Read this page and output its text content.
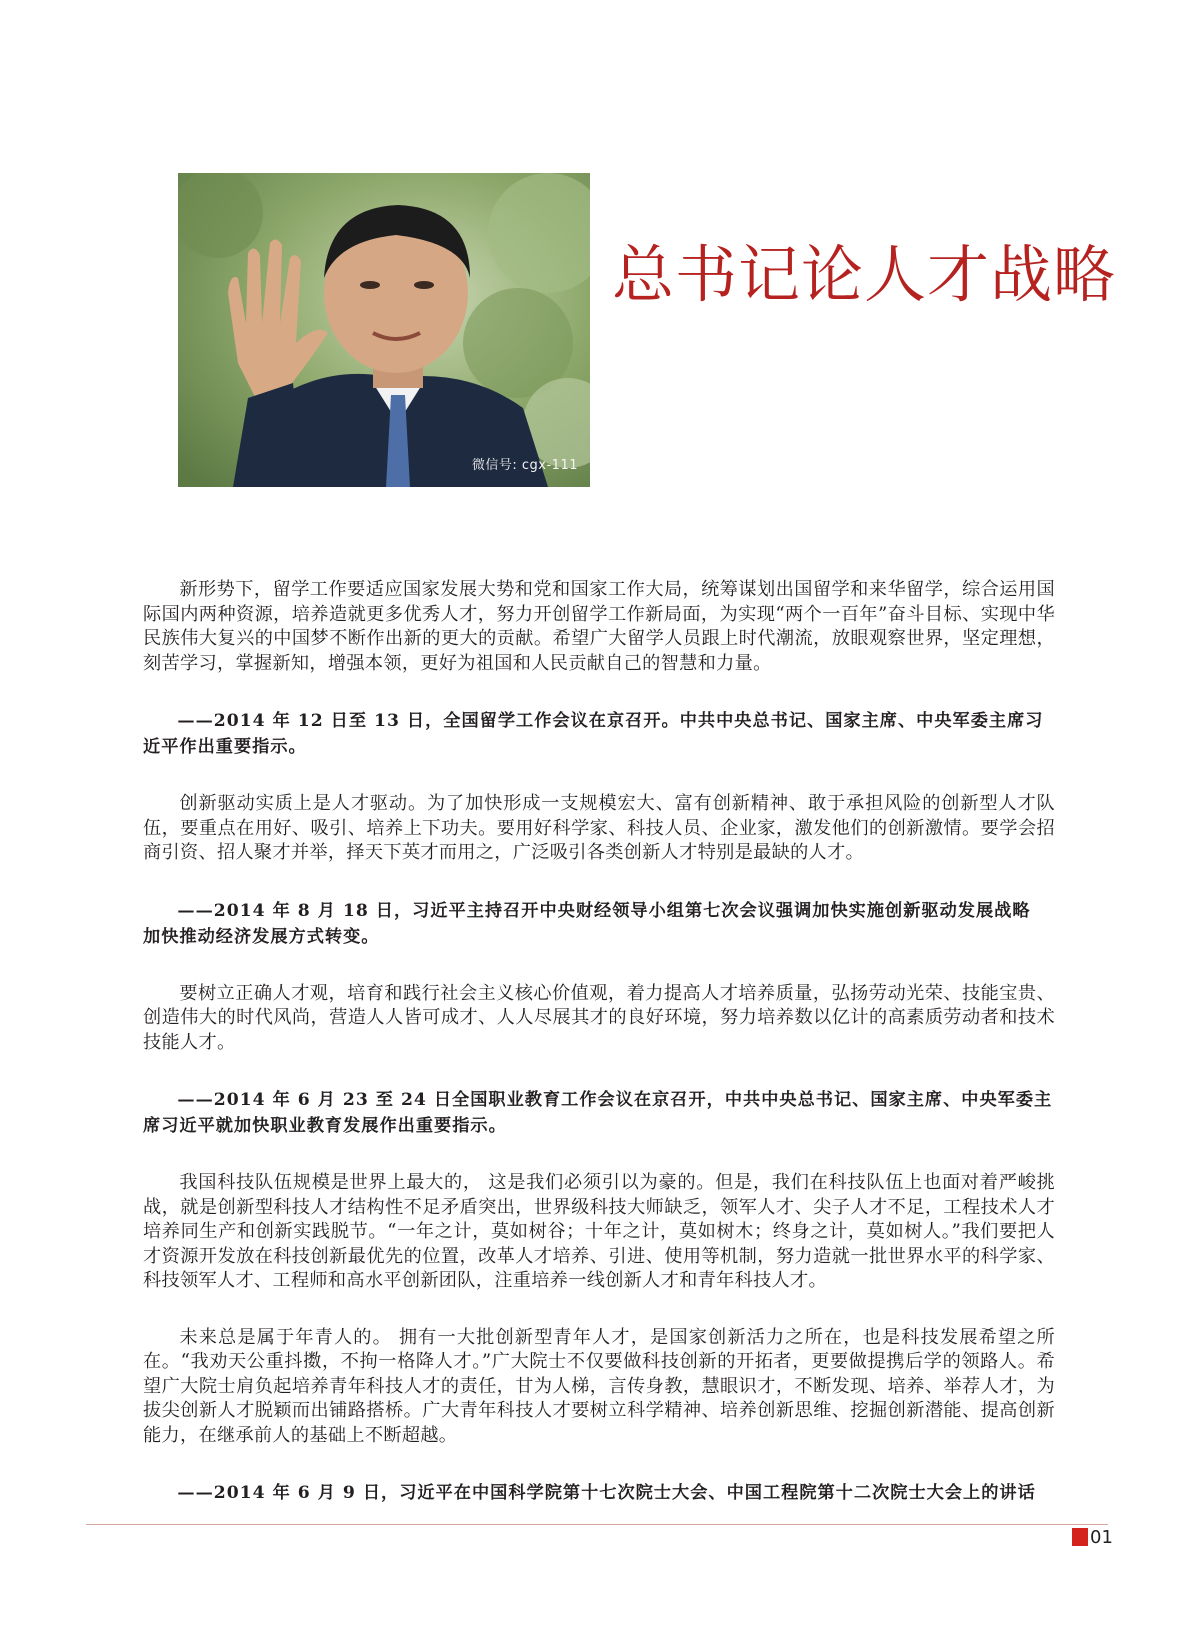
微信号: cgx-111
总书记论人才战略

新形势下，留学工作要适应国家发展大势和党和国家工作大局，统筹谋划出国留学和来华留学，综合运用国际国内两种资源，培养造就更多优秀人才，努力开创留学工作新局面，为实现“两个一百年”奋斗目标、实现中华民族伟大复兴的中国梦不断作出新的更大的贡献。希望广大留学人员跟上时代潮流，放眼观察世界，坚定理想，刻苦学习，掌握新知，增强本领，更好为祖国和人民贡献自己的智慧和力量。

——2014 年 12 日至 13 日，全国留学工作会议在京召开。中共中央总书记、国家主席、中央军委主席习近平作出重要指示。

创新驱动实质上是人才驱动。为了加快形成一支规模宏大、富有创新精神、敢于承担风险的创新型人才队伍，要重点在用好、吸引、培养上下功夫。要用好科学家、科技人员、企业家，激发他们的创新激情。要学会招商引资、招人聚才并举，择天下英才而用之，广泛吸引各类创新人才特别是最缺的人才。

——2014 年 8 月 18 日，习近平主持召开中央财经领导小组第七次会议强调加快实施创新驱动发展战略 加快推动经济发展方式转变。

要树立正确人才观，培育和践行社会主义核心价值观，着力提高人才培养质量，弘扬劳动光荣、技能宝贵、创造伟大的时代风尚，营造人人皆可成才、人人尽展其才的良好环境，努力培养数以亿计的高素质劳动者和技术技能人才。

——2014 年 6 月 23 至 24 日全国职业教育工作会议在京召开，中共中央总书记、国家主席、中央军委主席习近平就加快职业教育发展作出重要指示。

我国科技队伍规模是世界上最大的， 这是我们必须引以为豪的。但是，我们在科技队伍上也面对着严峻挑战，就是创新型科技人才结构性不足矛盾突出，世界级科技大师缺乏，领军人才、尖子人才不足，工程技术人才培养同生产和创新实践脱节。“一年之计，莫如树谷；十年之计，莫如树木；终身之计，莫如树人。”我们要把人才资源开发放在科技创新最优先的位置，改革人才培养、引进、使用等机制，努力造就一批世界水平的科学家、科技领军人才、工程师和高水平创新团队，注重培养一线创新人才和青年科技人才。

未来总是属于年青人的。 拥有一大批创新型青年人才，是国家创新活力之所在，也是科技发展希望之所在。“我劝天公重抖擞，不拘一格降人才。”广大院士不仅要做科技创新的开拓者，更要做提携后学的领路人。希望广大院士肩负起培养青年科技人才的责任，甘为人梯，言传身教，慧眼识才，不断发现、培养、举荐人才，为拔尖创新人才脱颖而出铺路搭桥。广大青年科技人才要树立科学精神、培养创新思维、挖掘创新潜能、提高创新能力，在继承前人的基础上不断超越。

——2014 年 6 月 9 日，习近平在中国科学院第十七次院士大会、中国工程院第十二次院士大会上的讲话

01
